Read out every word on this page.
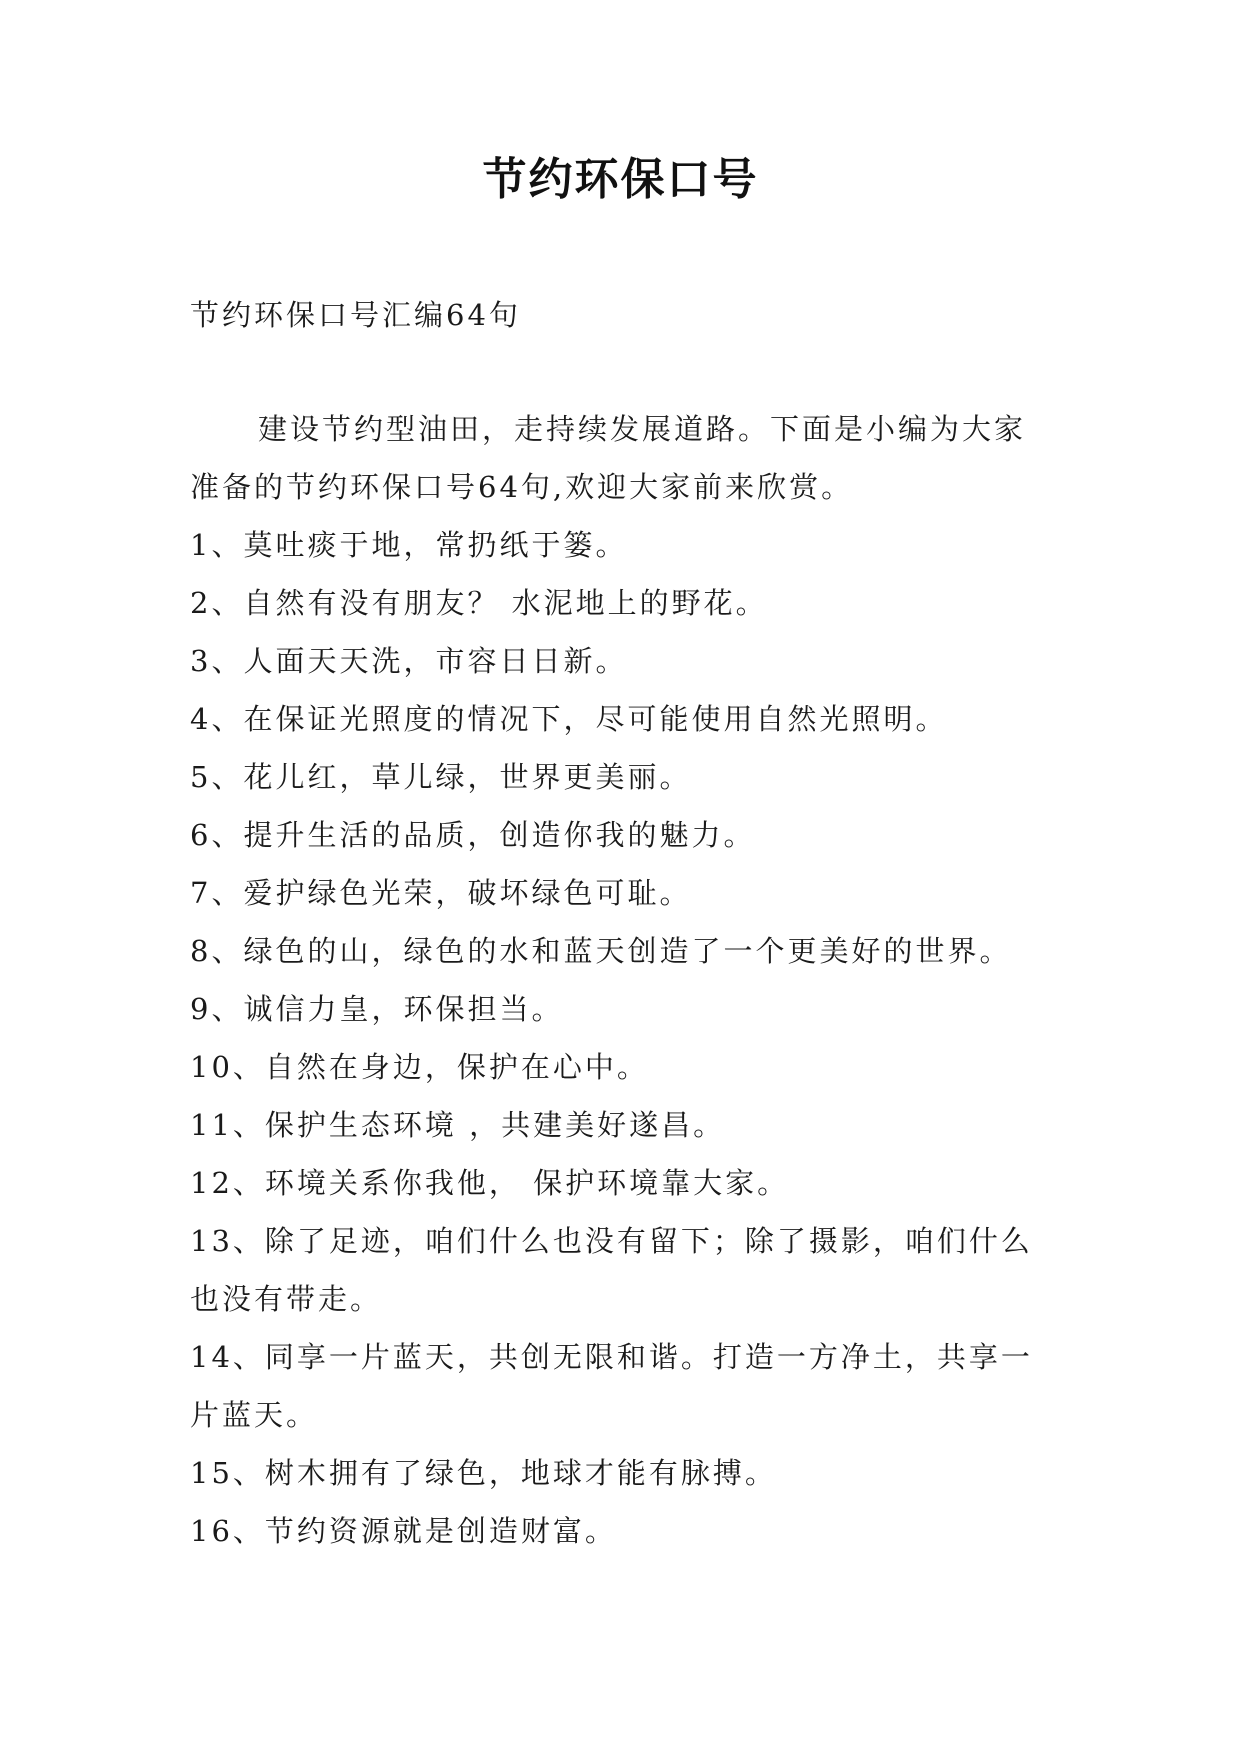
节约环保口号
节约环保口号汇编64句

建设节约型油田，走持续发展道路。下面是小编为大家准备的节约环保口号64句,欢迎大家前来欣赏。

1、莫吐痰于地，常扔纸于篓。
2、自然有没有朋友？ 水泥地上的野花。
3、人面天天洗，市容日日新。
4、在保证光照度的情况下，尽可能使用自然光照明。
5、花儿红，草儿绿，世界更美丽。
6、提升生活的品质，创造你我的魅力。
7、爱护绿色光荣，破坏绿色可耻。
8、绿色的山，绿色的水和蓝天创造了一个更美好的世界。
9、诚信力皇，环保担当。
10、自然在身边，保护在心中。
11、保护生态环境 ，共建美好遂昌。
12、环境关系你我他， 保护环境靠大家。
13、除了足迹，咱们什么也没有留下；除了摄影，咱们什么也没有带走。
14、同享一片蓝天，共创无限和谐。打造一方净土，共享一片蓝天。
15、树木拥有了绿色，地球才能有脉搏。
16、节约资源就是创造财富。
